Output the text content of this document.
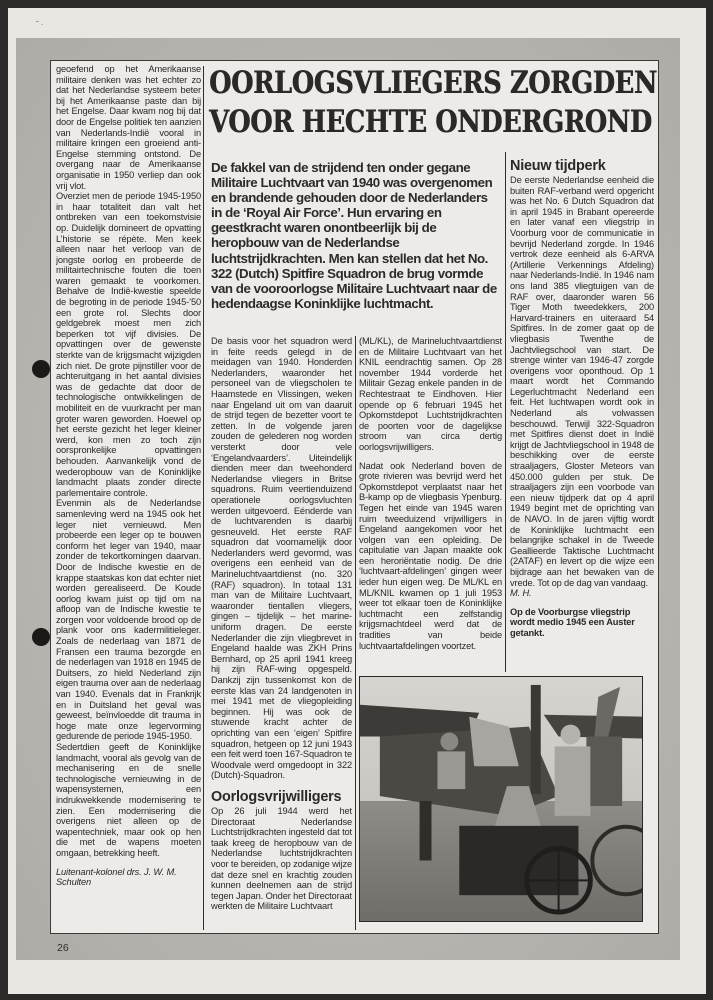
˜ ·

geoefend op het Amerikaanse militaire denken was het echter zo dat het Nederlandse systeem beter bij het Amerikaanse paste dan bij het Engelse. Daar kwam nog bij dat door de Engelse politiek ten aanzien van Nederlands-Indië vooral in militaire kringen een groeiend anti-Engelse stemming ontstond. De overgang naar de Amerikaanse organisatie in 1950 verliep dan ook vrij vlot.

Overziet men de periode 1945-1950 in haar totaliteit dan valt het ontbreken van een toekomstvisie op. Duidelijk domineert de opvatting L’historie se répète. Men keek alleen naar het verloop van de jongste oorlog en probeerde de militairtechnische fouten die toen waren gemaakt te voorkomen. Behalve de Indië-kwestie speelde de begroting in de periode 1945-’50 een grote rol. Slechts door geldgebrek moest men zich beperken tot vijf divisies. De opvattingen over de gewenste sterkte van de krijgsmacht wijzigden zich niet. De grote pijnstiller voor de achteruitgang in het aantal divisies was de gedachte dat door de technologische ontwikkelingen de mobiliteit en de vuurkracht per man groter waren geworden. Hoewel op het eerste gezicht het leger kleiner werd, kon men zo toch zijn oorspronkelijke opvattingen behouden. Aanvankelijk vond de wederopbouw van de Koninklijke landmacht plaats zonder directe parlementaire controle.

Evenmin als de Nederlandse samenleving werd na 1945 ook het leger niet vernieuwd. Men probeerde een leger op te bouwen conform het leger van 1940, maar zonder de tekortkomingen daarvan. Door de Indische kwestie en de krappe staatskas kon dat echter niet worden gerealiseerd. De Koude oorlog kwam juist op tijd om na afloop van de Indische kwestie te zorgen voor voldoende brood op de plank voor ons kadermilitieleger. Zoals de nederlaag van 1871 de Fransen een trauma bezorgde en de nederlagen van 1918 en 1945 de Duitsers, zo hield Nederland zijn eigen trauma over aan de nederlaag van 1940. Evenals dat in Frankrijk en in Duitsland het geval was geweest, beïnvloedde dit trauma in hoge mate onze legervorming gedurende de periode 1945-1950.

Sedertdien geeft de Koninklijke landmacht, vooral als gevolg van de mechanisering en de snelle technologische vernieuwing in de wapensystemen, een indrukwekkende modernisering te zien. Een modernisering die overigens niet alleen op de wapentechniek, maar ook op hen die met de wapens moeten omgaan, betrekking heeft.

Luitenant-kolonel drs. J. W. M.
Schulten
OORLOGSVLIEGERS ZORGDEN
VOOR HECHTE ONDERGROND
De fakkel van de strijdend ten onder gegane Militaire Luchtvaart van 1940 was overgenomen en brandende gehouden door de Nederlanders in de ‘Royal Air Force’. Hun ervaring en geestkracht waren onontbeerlijk bij de heropbouw van de Nederlandse luchtstrijdkrachten. Men kan stellen dat het No. 322 (Dutch) Spitfire Squadron de brug vormde van de vooroorlogse Militaire Luchtvaart naar de hedendaagse Koninklijke luchtmacht.

De basis voor het squadron werd in feite reeds gelegd in de meidagen van 1940. Honderden Nederlanders, waaronder het personeel van de vliegscholen te Haamstede en Vlissingen, weken naar Engeland uit om van daaruit de strijd tegen de bezetter voort te zetten. In de volgende jaren zouden de gelederen nog worden versterkt door vele ‘Engelandvaarders’. Uiteindelijk dienden meer dan tweehonderd Nederlandse vliegers in Britse squadrons. Ruim veertienduizend operationele oorlogsvluchten werden uitgevoerd. Eénderde van de luchtvarenden is daarbij gesneuveld. Het eerste RAF squadron dat voornamelijk door Nederlanders werd gevormd, was overigens een eenheid van de Marineluchtvaartdienst (no. 320 (RAF) squadron). In totaal 131 man van de Militaire Luchtvaart, waaronder tientallen vliegers, gingen – tijdelijk – het marine-uniform dragen. De eerste Nederlander die zijn vliegbrevet in Engeland haalde was ZKH Prins Bernhard, op 25 april 1941 kreeg hij zijn RAF-wing opgespeld. Dankzij zijn tussenkomst kon de eerste klas van 24 landgenoten in mei 1941 met de vliegopleiding beginnen. Hij was ook de stuwende kracht achter de oprichting van een ‘eigen’ Spitfire squadron, hetgeen op 12 juni 1943 een feit werd toen 167-Squadron te Woodvale werd omgedoopt in 322 (Dutch)-Squadron.

Oorlogsvrijwilligers

Op 26 juli 1944 werd het Directoraat Nederlandse Luchtstrijdkrachten ingesteld dat tot taak kreeg de heropbouw van de Nederlandse luchtstrijdkrachten voor te bereiden, op zodanige wijze dat deze snel en krachtig zouden kunnen deelnemen aan de strijd tegen Japan. Onder het Directoraat werkten de Militaire Luchtvaart

(ML/KL), de Marineluchtvaartdienst en de Militaire Luchtvaart van het KNIL eendrachtig samen. Op 28 november 1944 vorderde het Militair Gezag enkele panden in de Rechtestraat te Eindhoven. Hier opende op 6 februari 1945 het Opkomstdepot Luchtstrijdkrachten de poorten voor de dagelijkse stroom van circa dertig oorlogsvrijwilligers.

Nadat ook Nederland boven de grote rivieren was bevrijd werd het Opkomstdepot verplaatst naar het B-kamp op de vliegbasis Ypenburg. Tegen het einde van 1945 waren ruim tweeduizend vrijwilligers in Engeland aangekomen voor het volgen van een opleiding. De capitulatie van Japan maakte ook een heroriëntatie nodig. De drie ‘luchtvaart-afdelingen’ gingen weer ieder hun eigen weg. De ML/KL en ML/KNIL kwamen op 1 juli 1953 weer tot elkaar toen de Koninklijke luchtmacht een zelfstandig krijgsmachtdeel werd dat de tradities van beide luchtvaartafdelingen voortzet.

Nieuw tijdperk

De eerste Nederlandse eenheid die buiten RAF-verband werd opgericht was het No. 6 Dutch Squadron dat in april 1945 in Brabant opereerde en later vanaf een vliegstrip in Voorburg voor de communicatie in bevrijd Nederland zorgde. In 1946 vertrok deze eenheid als 6-ARVA (Artillerie Verkennings Afdeling) naar Nederlands-Indië. In 1946 nam ons land 385 vliegtuigen van de RAF over, daaronder waren 56 Tiger Moth tweedekkers, 200 Harvard-trainers en uiteraard 54 Spitfires. In de zomer gaat op de vliegbasis Twenthe de Jachtvliegschool van start. De strenge winter van 1946-47 zorgde overigens voor oponthoud. Op 1 maart wordt het Commando Legerluchtmacht Nederland een feit. Het luchtwapen wordt ook in Nederland als volwassen beschouwd. Terwijl 322-Squadron met Spitfires dienst doet in Indië krijgt de Jachtvliegschool in 1948 de beschikking over de eerste straaljagers, Gloster Meteors van 450.000 gulden per stuk. De straaljagers zijn een voorbode van een nieuw tijdperk dat op 4 april 1949 begint met de oprichting van de NAVO. In de jaren vijftig wordt de Koninklijke luchtmacht een belangrijke schakel in de Tweede Geallieerde Taktische Luchtmacht (2ATAF) en levert op die wijze een bijdrage aan het bewaken van de vrede. Tot op de dag van vandaag.

M. H.
Op de Voorburgse vliegstrip wordt medio 1945 een Auster getankt.
26
